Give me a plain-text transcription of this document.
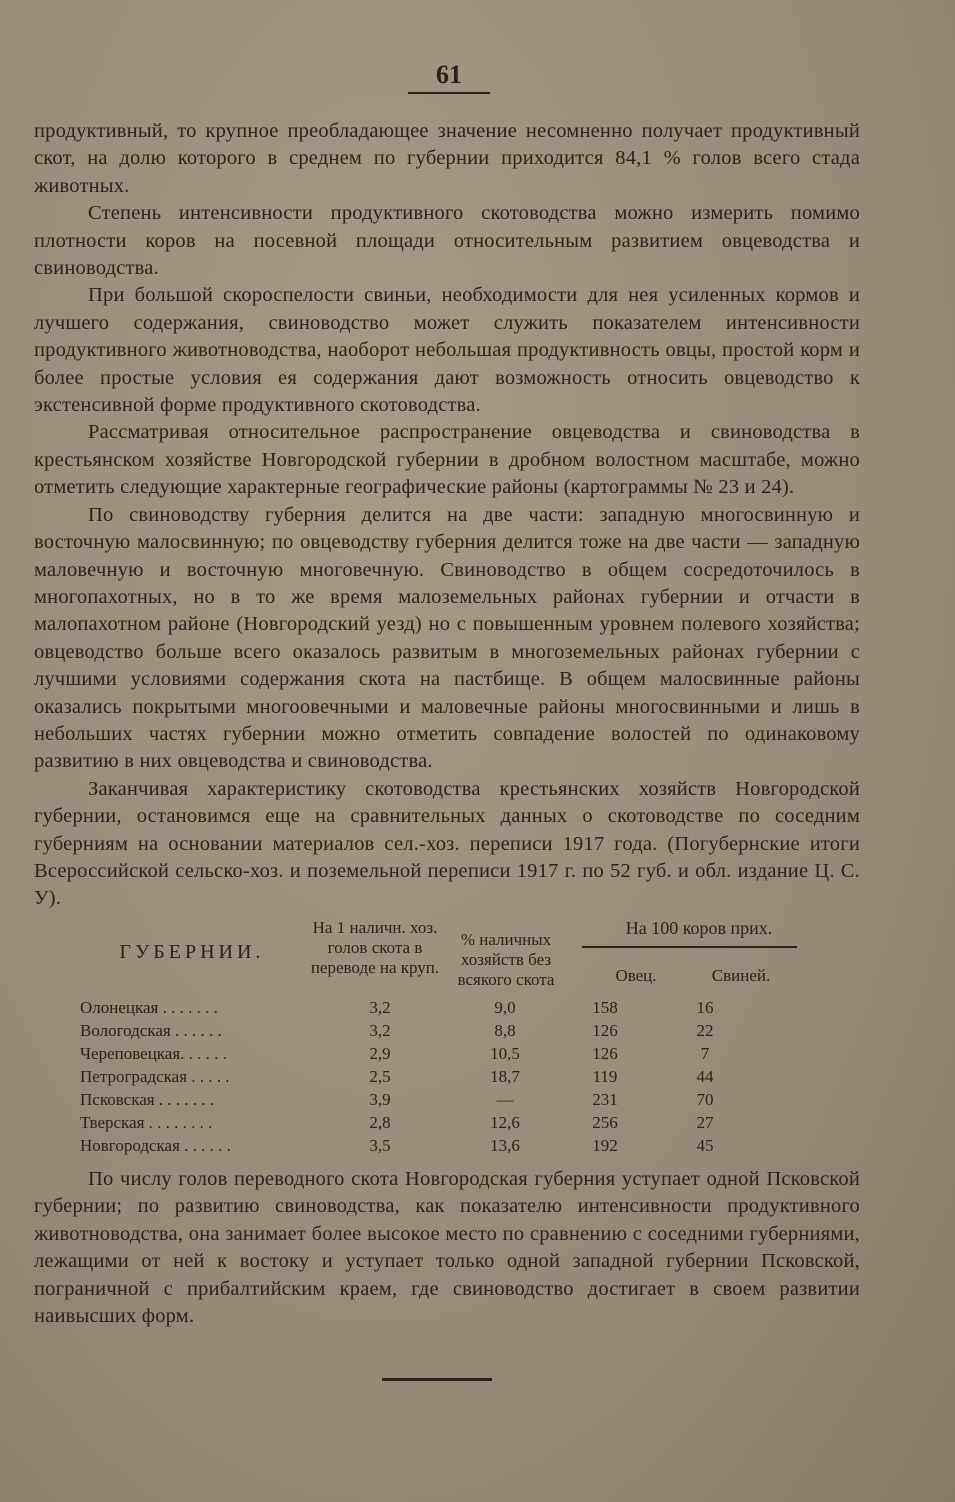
61

продуктивный, то крупное преобладающее значение несомненно получает продуктивный скот, на долю которого в среднем по губернии приходится 84,1 % голов всего стада животных.

Степень интенсивности продуктивного скотоводства можно измерить помимо плотности коров на посевной площади относительным развитием овцеводства и свиноводства.

При большой скороспелости свиньи, необходимости для нея усиленных кормов и лучшего содержания, свиноводство может служить показателем интенсивности продуктивного животноводства, наоборот небольшая продуктивность овцы, простой корм и более простые условия ея содержания дают возможность относить овцеводство к экстенсивной форме продуктивного скотоводства.

Рассматривая относительное распространение овцеводства и свиноводства в крестьянском хозяйстве Новгородской губернии в дробном волостном масштабе, можно отметить следующие характерные географические районы (картограммы № 23 и 24).

По свиноводству губерния делится на две части: западную многосвинную и восточную малосвинную; по овцеводству губерния делится тоже на две части — западную маловечную и восточную многовечную. Свиноводство в общем сосредоточилось в многопахотных, но в то же время малоземельных районах губернии и отчасти в малопахотном районе (Новгородский уезд) но с повышенным уровнем полевого хозяйства; овцеводство больше всего оказалось развитым в многоземельных районах губернии с лучшими условиями содержания скота на пастбище. В общем малосвинные районы оказались покрытыми многоовечными и маловечные районы многосвинными и лишь в небольших частях губернии можно отметить совпадение волостей по одинаковому развитию в них овцеводства и свиноводства.

Заканчивая характеристику скотоводства крестьянских хозяйств Новгородской губернии, остановимся еще на сравнительных данных о скотоводстве по соседним губерниям на основании материалов сел.-хоз. переписи 1917 года. (Погубернские итоги Всероссийской сельско-хоз. и поземельной переписи 1917 г. по 52 губ. и обл. издание Ц. С. У).

ГУБЕРНИИ.
На 1 наличн. хоз. голов скота в переводе на круп.
% наличных хозяйств без всякого скота
На 100 коров прих.
Овец.	Свиней.
Олонецкая . . . . . . .	3,2	9,0	158	16
Вологодская . . . . . .	3,2	8,8	126	22
Череповецкая. . . . . .	2,9	10,5	126	7
Петроградская . . . . .	2,5	18,7	119	44
Псковская . . . . . . .	3,9	—	231	70
Тверская . . . . . . . .	2,8	12,6	256	27
Новгородская . . . . . .	3,5	13,6	192	45

По числу голов переводного скота Новгородская губерния уступает одной Псковской губернии; по развитию свиноводства, как показателю интенсивности продуктивного животноводства, она занимает более высокое место по сравнению с соседними губерниями, лежащими от ней к востоку и уступает только одной западной губернии Псковской, пограничной с прибалтийским краем, где свиноводство достигает в своем развитии наивысших форм.
